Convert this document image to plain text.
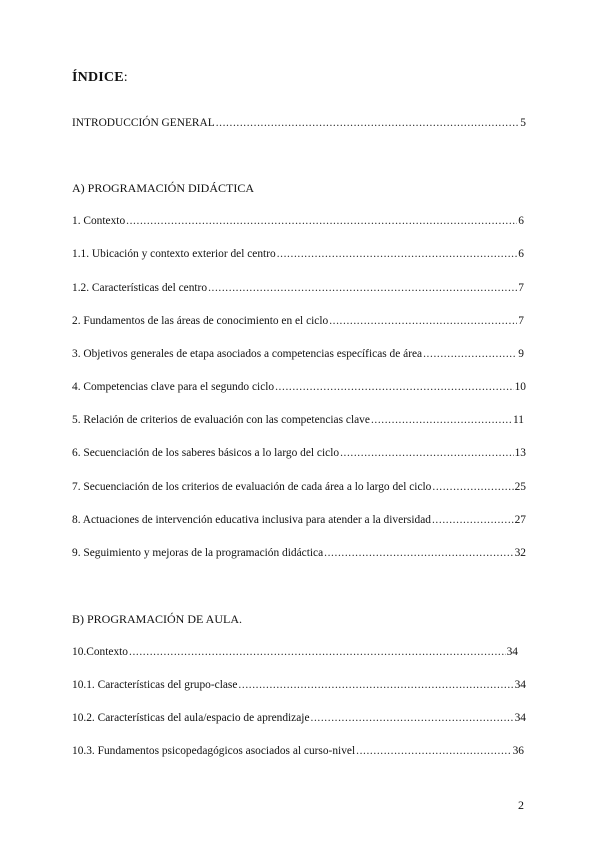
ÍNDICE:
INTRODUCCIÓN GENERAL .....	5
A) PROGRAMACIÓN DIDÁCTICA
1. Contexto .....	6
1.1. Ubicación y contexto exterior del centro .....	6
1.2. Características del centro .....	7
2. Fundamentos de las áreas de conocimiento en el ciclo .....	7
3. Objetivos generales de etapa asociados a competencias específicas de área .....	9
4. Competencias clave para el segundo ciclo .....	10
5. Relación de criterios de evaluación con las competencias clave .....	11
6. Secuenciación de los saberes básicos a lo largo del ciclo .....	13
7. Secuenciación de los criterios de evaluación de cada área a lo largo del ciclo .....	25
8. Actuaciones de intervención educativa inclusiva para atender a la diversidad .....	27
9. Seguimiento y mejoras de la programación didáctica .....	32
B) PROGRAMACIÓN DE AULA.
10.Contexto .....	34
10.1. Características del grupo-clase .....	34
10.2. Características del aula/espacio de aprendizaje .....	34
10.3. Fundamentos psicopedagógicos asociados al curso-nivel .....	36
2
